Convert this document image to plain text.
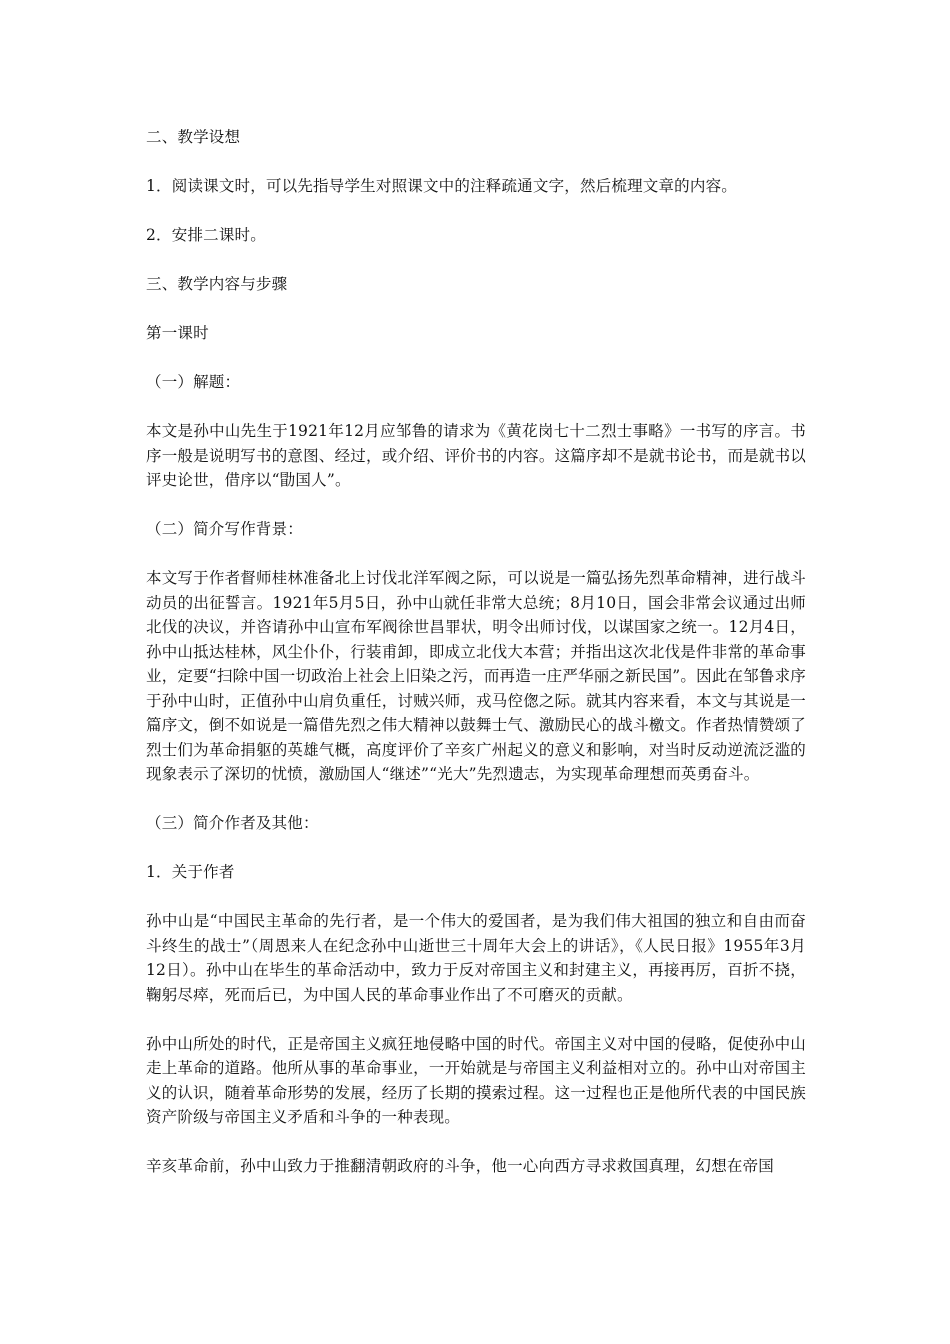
二、教学设想

1．阅读课文时，可以先指导学生对照课文中的注释疏通文字，然后梳理文章的内容。

2．安排二课时。

三、教学内容与步骤

第一课时

（一）解题：

本文是孙中山先生于1921年12月应邹鲁的请求为《黄花岗七十二烈士事略》一书写的序言。书序一般是说明写书的意图、经过，或介绍、评价书的内容。这篇序却不是就书论书，而是就书以评史论世，借序以“勖国人”。

（二）简介写作背景：

本文写于作者督师桂林准备北上讨伐北洋军阀之际，可以说是一篇弘扬先烈革命精神，进行战斗动员的出征誓言。1921年5月5日，孙中山就任非常大总统；8月10日，国会非常会议通过出师北伐的决议，并咨请孙中山宣布军阀徐世昌罪状，明令出师讨伐，以谋国家之统一。12月4日，孙中山抵达桂林，风尘仆仆，行装甫卸，即成立北伐大本营；并指出这次北伐是件非常的革命事业，定要“扫除中国一切政治上社会上旧染之污，而再造一庄严华丽之新民国”。因此在邹鲁求序于孙中山时，正值孙中山肩负重任，讨贼兴师，戎马倥偬之际。就其内容来看，本文与其说是一篇序文，倒不如说是一篇借先烈之伟大精神以鼓舞士气、激励民心的战斗檄文。作者热情赞颂了烈士们为革命捐躯的英雄气概，高度评价了辛亥广州起义的意义和影响，对当时反动逆流泛滥的现象表示了深切的忧愤，激励国人“继述”“光大”先烈遗志，为实现革命理想而英勇奋斗。

（三）简介作者及其他：

1．关于作者

孙中山是“中国民主革命的先行者，是一个伟大的爱国者，是为我们伟大祖国的独立和自由而奋斗终生的战士”（周恩来人在纪念孙中山逝世三十周年大会上的讲话》，《人民日报》1955年3月12日）。孙中山在毕生的革命活动中，致力于反对帝国主义和封建主义，再接再厉，百折不挠，鞠躬尽瘁，死而后已，为中国人民的革命事业作出了不可磨灭的贡献。

孙中山所处的时代，正是帝国主义疯狂地侵略中国的时代。帝国主义对中国的侵略，促使孙中山走上革命的道路。他所从事的革命事业，一开始就是与帝国主义利益相对立的。孙中山对帝国主义的认识，随着革命形势的发展，经历了长期的摸索过程。这一过程也正是他所代表的中国民族资产阶级与帝国主义矛盾和斗争的一种表现。

辛亥革命前，孙中山致力于推翻清朝政府的斗争，他一心向西方寻求救国真理，幻想在帝国
